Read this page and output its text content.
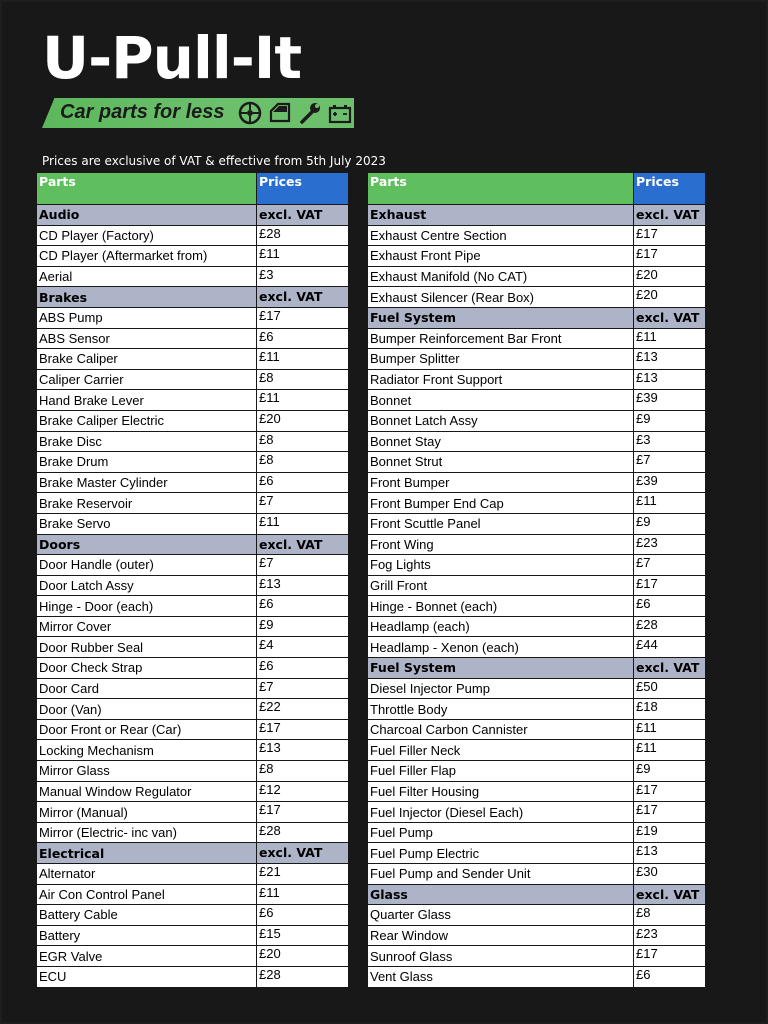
U-Pull-It
Car parts for less
Prices are exclusive of VAT & effective from 5th July 2023
Parts	Prices
Audio	excl. VAT
CD Player (Factory)	£28
CD Player (Aftermarket from)	£11
Aerial	£3
Brakes	excl. VAT
ABS Pump	£17
ABS Sensor	£6
Brake Caliper	£11
Caliper Carrier	£8
Hand Brake Lever	£11
Brake Caliper Electric	£20
Brake Disc	£8
Brake Drum	£8
Brake Master Cylinder	£6
Brake Reservoir	£7
Brake Servo	£11
Doors	excl. VAT
Door Handle (outer)	£7
Door Latch Assy	£13
Hinge - Door (each)	£6
Mirror Cover	£9
Door Rubber Seal	£4
Door Check Strap	£6
Door Card	£7
Door (Van)	£22
Door Front or Rear (Car)	£17
Locking Mechanism	£13
Mirror Glass	£8
Manual Window Regulator	£12
Mirror (Manual)	£17
Mirror (Electric- inc van)	£28
Electrical	excl. VAT
Alternator	£21
Air Con Control Panel	£11
Battery Cable	£6
Battery	£15
EGR Valve	£20
ECU	£28
Parts	Prices
Exhaust	excl. VAT
Exhaust Centre Section	£17
Exhaust Front Pipe	£17
Exhaust Manifold (No CAT)	£20
Exhaust Silencer (Rear Box)	£20
Fuel System	excl. VAT
Bumper Reinforcement Bar Front	£11
Bumper Splitter	£13
Radiator Front Support	£13
Bonnet	£39
Bonnet Latch Assy	£9
Bonnet Stay	£3
Bonnet Strut	£7
Front Bumper	£39
Front Bumper End Cap	£11
Front Scuttle Panel	£9
Front Wing	£23
Fog Lights	£7
Grill Front	£17
Hinge - Bonnet (each)	£6
Headlamp (each)	£28
Headlamp - Xenon (each)	£44
Fuel System	excl. VAT
Diesel Injector Pump	£50
Throttle Body	£18
Charcoal Carbon Cannister	£11
Fuel Filler Neck	£11
Fuel Filler Flap	£9
Fuel Filter Housing	£17
Fuel Injector (Diesel Each)	£17
Fuel Pump	£19
Fuel Pump Electric	£13
Fuel Pump and Sender Unit	£30
Glass	excl. VAT
Quarter Glass	£8
Rear Window	£23
Sunroof Glass	£17
Vent Glass	£6
